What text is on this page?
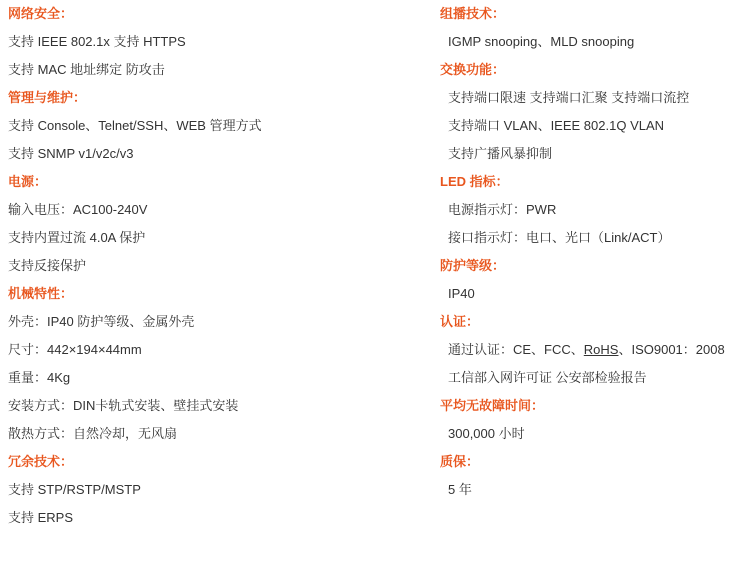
网络安全：
支持 IEEE 802.1x 支持 HTTPS
支持 MAC 地址绑定 防攻击
管理与维护：
支持 Console、Telnet/SSH、WEB 管理方式
支持 SNMP v1/v2c/v3
电源：
输入电压：AC100-240V
支持内置过流 4.0A 保护
支持反接保护
机械特性：
外壳：IP40 防护等级、金属外壳
尺寸：442×194×44mm
重量：4Kg
安装方式：DIN卡轨式安装、壁挂式安装
散热方式：自然冷却，无风扇
冗余技术：
支持 STP/RSTP/MSTP
支持 ERPS
组播技术：
IGMP snooping、MLD snooping
交换功能：
支持端口限速 支持端口汇聚 支持端口流控
支持端口 VLAN、IEEE 802.1Q VLAN
支持广播风暴抑制
LED 指标：
电源指示灯：PWR
接口指示灯：电口、光口（Link/ACT）
防护等级：
IP40
认证：
通过认证：CE、FCC、RoHS、ISO9001：2008
工信部入网许可证 公安部检验报告
平均无故障时间：
300,000 小时
质保：
5 年
